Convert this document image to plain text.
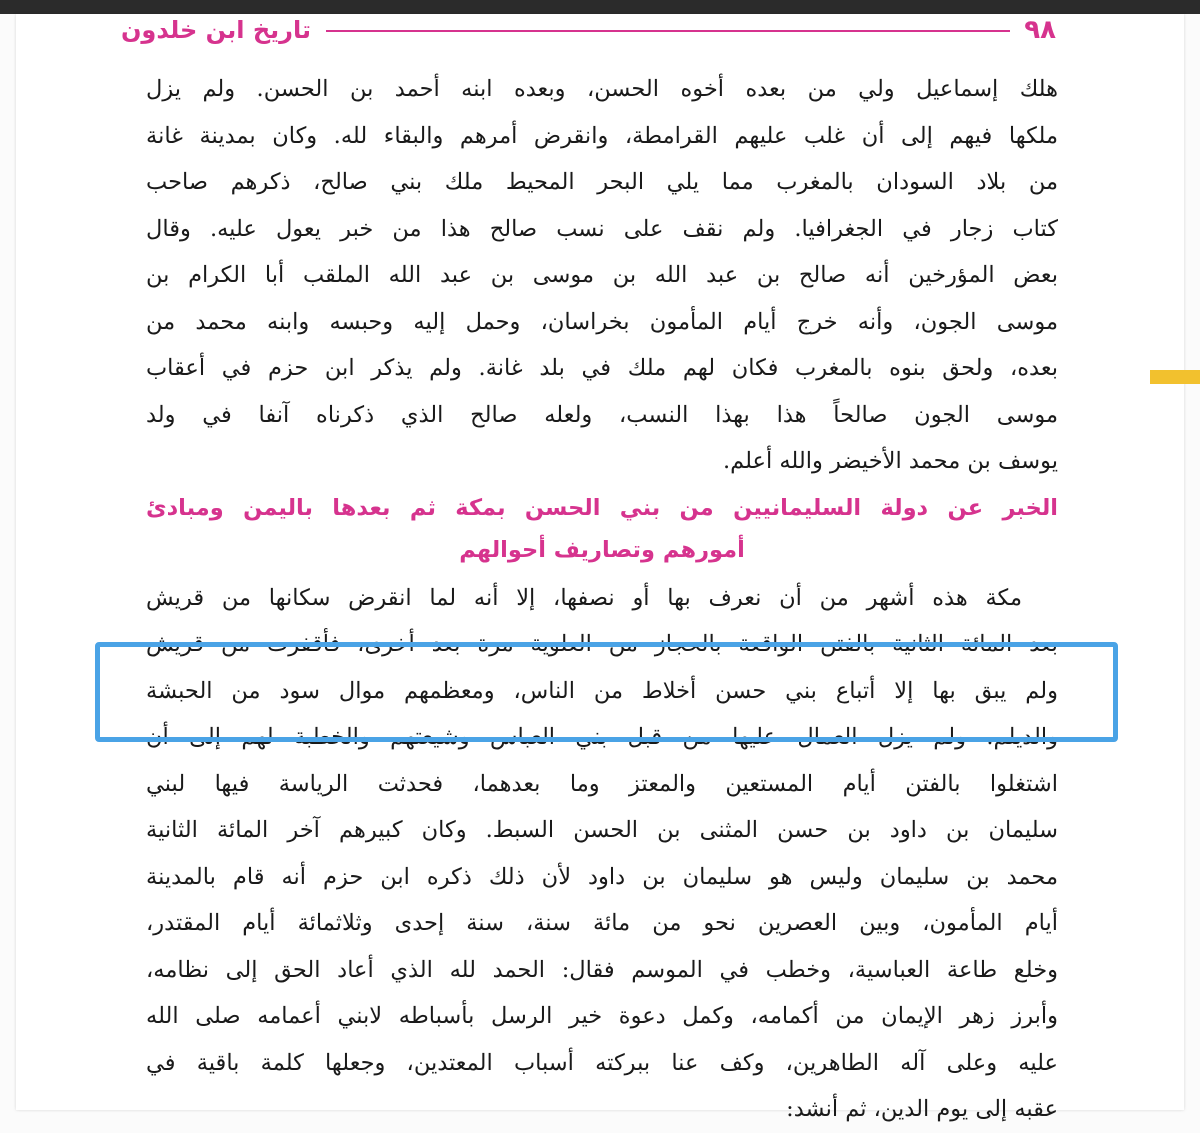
٩٨
تاريخ ابن خلدون

هلك إسماعيل ولي من بعده أخوه الحسن، وبعده ابنه أحمد بن الحسن. ولم يزل
ملكها فيهم إلى أن غلب عليهم القرامطة، وانقرض أمرهم والبقاء لله. وكان بمدينة غانة
من بلاد السودان بالمغرب مما يلي البحر المحيط ملك بني صالح، ذكرهم صاحب
كتاب زجار في الجغرافيا. ولم نقف على نسب صالح هذا من خبر يعول عليه. وقال
بعض المؤرخين أنه صالح بن عبد الله بن موسى بن عبد الله الملقب أبا الكرام بن
موسى الجون، وأنه خرج أيام المأمون بخراسان، وحمل إليه وحبسه وابنه محمد من
بعده، ولحق بنوه بالمغرب فكان لهم ملك في بلد غانة. ولم يذكر ابن حزم في أعقاب
موسى الجون صالحاً هذا بهذا النسب، ولعله صالح الذي ذكرناه آنفا في ولد
يوسف بن محمد الأخيضر والله أعلم.

الخبر عن دولة السليمانيين من بني الحسن بمكة ثم بعدها باليمن ومبادئ
أمورهم وتصاريف أحوالهم

مكة هذه أشهر من أن نعرف بها أو نصفها، إلا أنه لما انقرض سكانها من قريش
بعد المائة الثانية بالفتن الواقعة بالحجاز من العلوية مرة بعد أخرى، فأقفرت من قريش
ولم يبق بها إلا أتباع بني حسن أخلاط من الناس، ومعظمهم موال سود من الحبشة
والديلم. ولم يزل العمال عليها من قبل بني العباس وشيعتهم والخطبة لهم إلى أن
اشتغلوا بالفتن أيام المستعين والمعتز وما بعدهما، فحدثت الرياسة فيها لبني
سليمان بن داود بن حسن المثنى بن الحسن السبط. وكان كبيرهم آخر المائة الثانية
محمد بن سليمان وليس هو سليمان بن داود لأن ذلك ذكره ابن حزم أنه قام بالمدينة
أيام المأمون، وبين العصرين نحو من مائة سنة، سنة إحدى وثلاثمائة أيام المقتدر،
وخلع طاعة العباسية، وخطب في الموسم فقال: الحمد لله الذي أعاد الحق إلى نظامه،
وأبرز زهر الإيمان من أكمامه، وكمل دعوة خير الرسل بأسباطه لابني أعمامه صلى الله
عليه وعلى آله الطاهرين، وكف عنا ببركته أسباب المعتدين، وجعلها كلمة باقية في
عقبه إلى يوم الدين، ثم أنشد:
